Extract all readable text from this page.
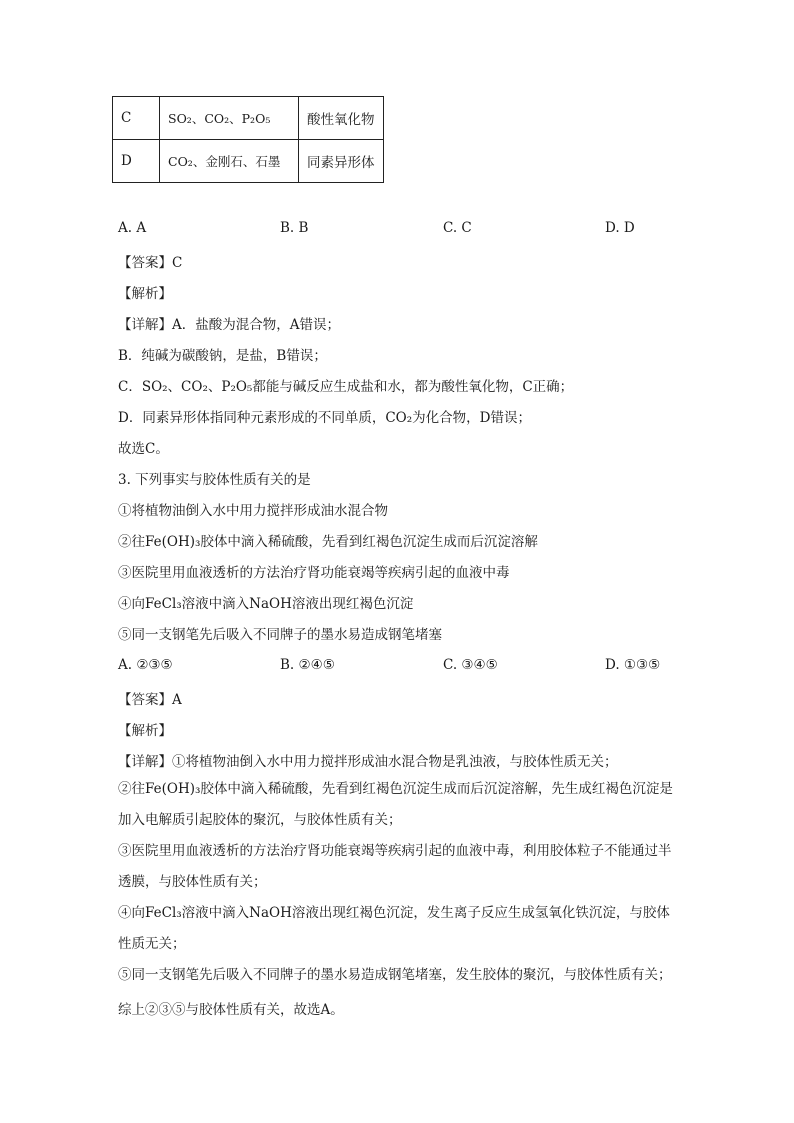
C	SO₂、CO₂、P₂O₅	酸性氧化物
D	CO₂、金刚石、石墨	同素异形体
A. A	B. B	C. C	D. D
【答案】C
【解析】
【详解】A．盐酸为混合物，A错误；
B．纯碱为碳酸钠，是盐，B错误；
C．SO₂、CO₂、P₂O₅都能与碱反应生成盐和水，都为酸性氧化物，C正确；
D．同素异形体指同种元素形成的不同单质，CO₂为化合物，D错误；
故选C。
3. 下列事实与胶体性质有关的是
①将植物油倒入水中用力搅拌形成油水混合物
②往Fe(OH)₃胶体中滴入稀硫酸，先看到红褐色沉淀生成而后沉淀溶解
③医院里用血液透析的方法治疗肾功能衰竭等疾病引起的血液中毒
④向FeCl₃溶液中滴入NaOH溶液出现红褐色沉淀
⑤同一支钢笔先后吸入不同牌子的墨水易造成钢笔堵塞
A. ②③⑤	B. ②④⑤	C. ③④⑤	D. ①③⑤
【答案】A
【解析】
【详解】①将植物油倒入水中用力搅拌形成油水混合物是乳浊液，与胶体性质无关；
②往Fe(OH)₃胶体中滴入稀硫酸，先看到红褐色沉淀生成而后沉淀溶解，先生成红褐色沉淀是加入电解质引起胶体的聚沉，与胶体性质有关；
③医院里用血液透析的方法治疗肾功能衰竭等疾病引起的血液中毒，利用胶体粒子不能通过半透膜，与胶体性质有关；
④向FeCl₃溶液中滴入NaOH溶液出现红褐色沉淀，发生离子反应生成氢氧化铁沉淀，与胶体性质无关；
⑤同一支钢笔先后吸入不同牌子的墨水易造成钢笔堵塞，发生胶体的聚沉，与胶体性质有关；
综上②③⑤与胶体性质有关，故选A。
